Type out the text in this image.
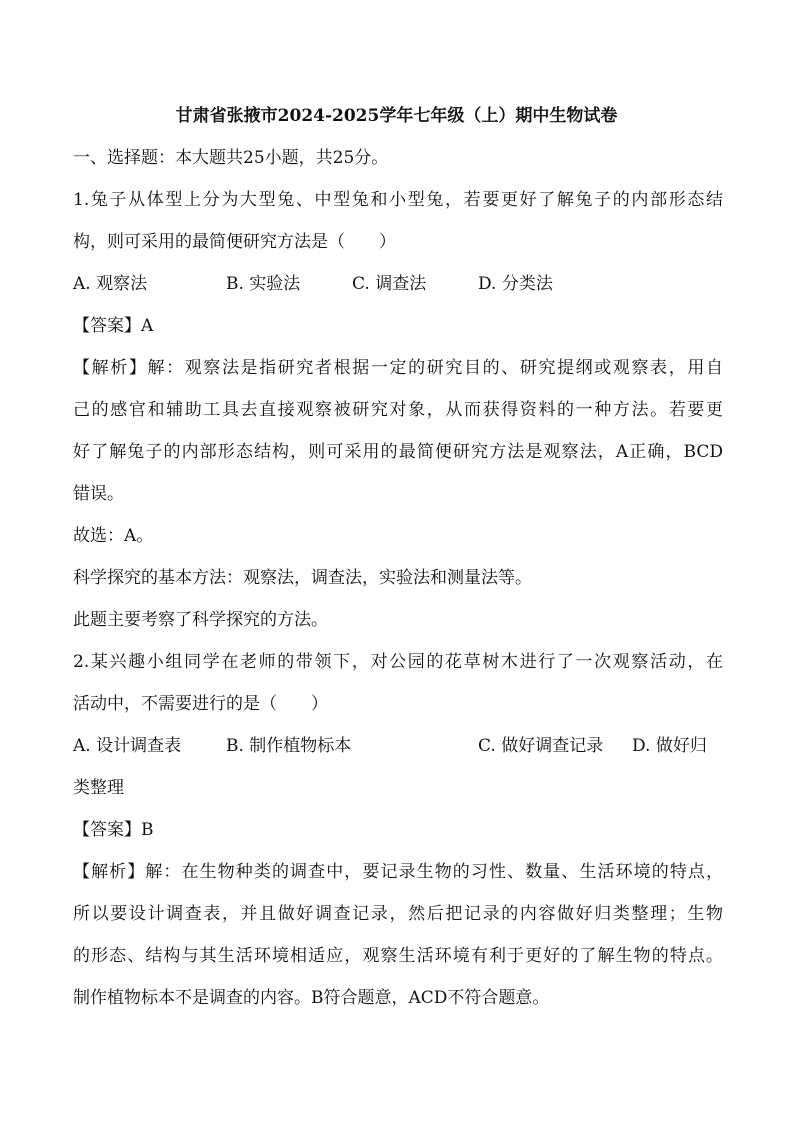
甘肃省张掖市2024-2025学年七年级（上）期中生物试卷
一、选择题：本大题共25小题，共25分。
1.兔子从体型上分为大型兔、中型兔和小型兔，若要更好了解兔子的内部形态结
构，则可采用的最简便研究方法是（　　）
A. 观察法	B. 实验法	C. 调查法	D. 分类法
【答案】A
【解析】解：观察法是指研究者根据一定的研究目的、研究提纲或观察表，用自
己的感官和辅助工具去直接观察被研究对象，从而获得资料的一种方法。若要更
好了解兔子的内部形态结构，则可采用的最简便研究方法是观察法，A正确，BCD
错误。
故选：A。
科学探究的基本方法：观察法，调查法，实验法和测量法等。
此题主要考察了科学探究的方法。
2.某兴趣小组同学在老师的带领下，对公园的花草树木进行了一次观察活动，在
活动中，不需要进行的是（　　）
A. 设计调查表	B. 制作植物标本	C. 做好调查记录 D. 做好归
类整理
【答案】B
【解析】解：在生物种类的调查中，要记录生物的习性、数量、生活环境的特点，
所以要设计调查表，并且做好调查记录，然后把记录的内容做好归类整理；生物
的形态、结构与其生活环境相适应，观察生活环境有利于更好的了解生物的特点。
制作植物标本不是调查的内容。B符合题意，ACD不符合题意。
